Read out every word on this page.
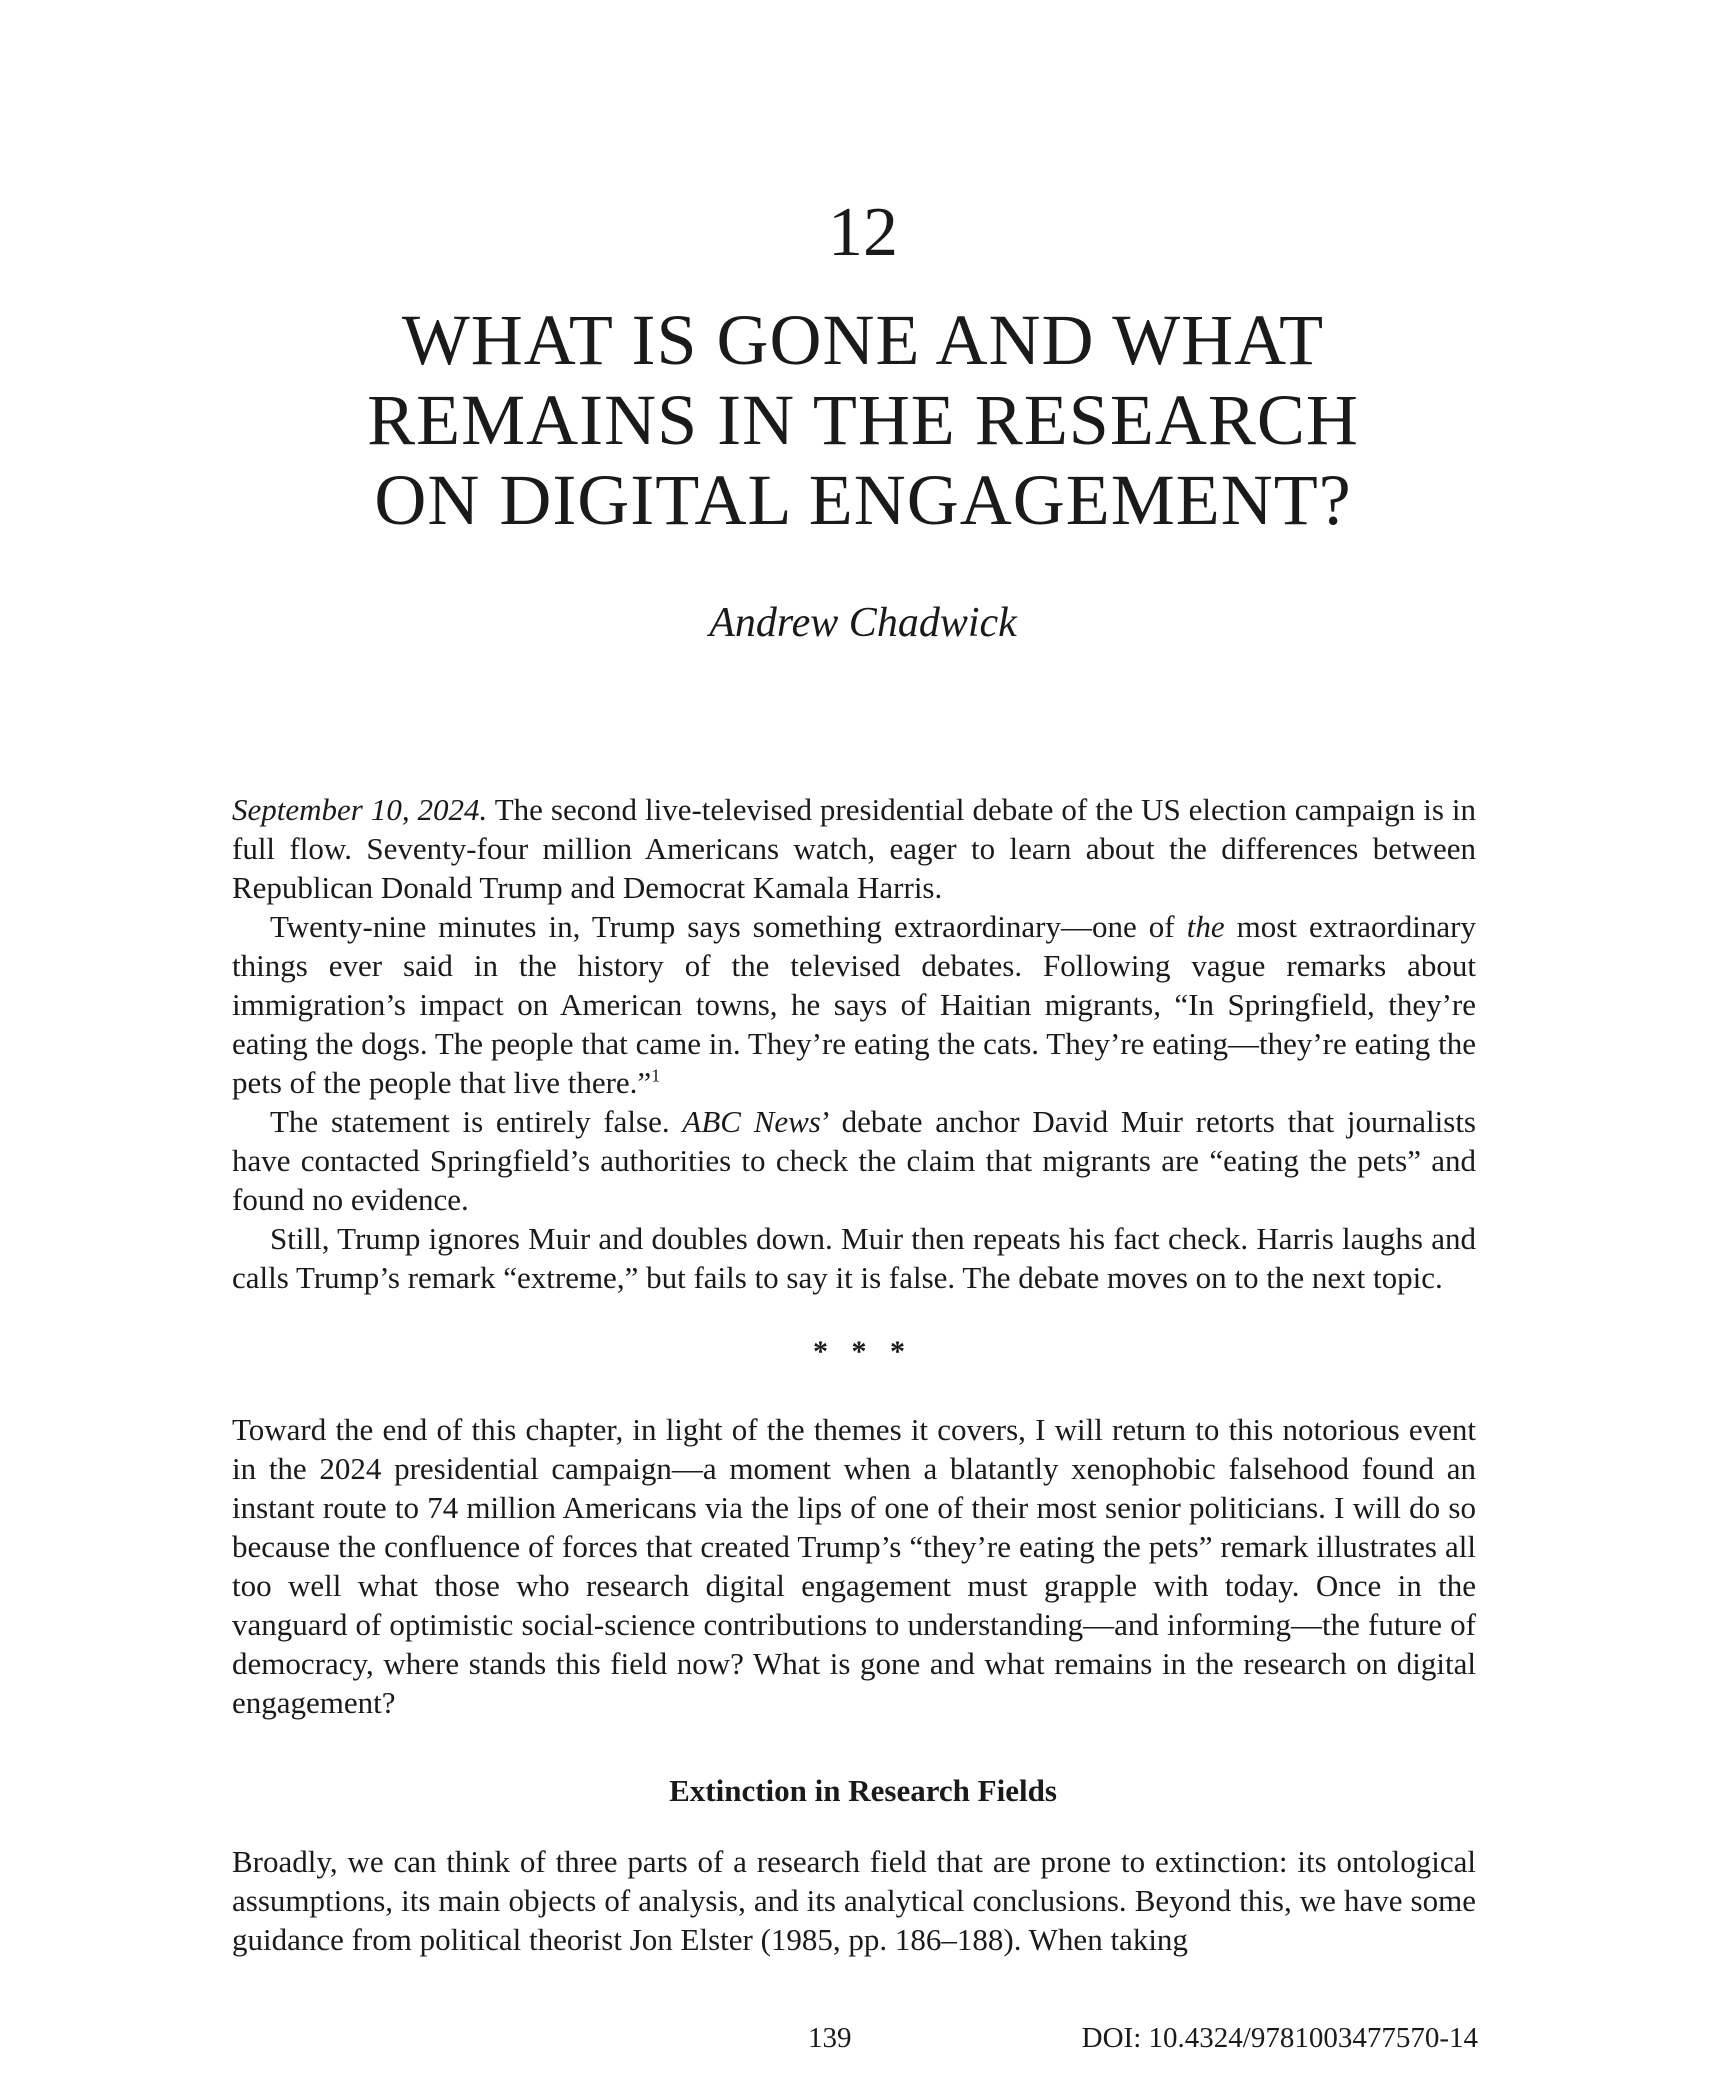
12
WHAT IS GONE AND WHAT
REMAINS IN THE RESEARCH
ON DIGITAL ENGAGEMENT?
Andrew Chadwick

September 10, 2024. The second live-televised presidential debate of the US election campaign is in full flow. Seventy-four million Americans watch, eager to learn about the differences between Republican Donald Trump and Democrat Kamala Harris.

Twenty-nine minutes in, Trump says something extraordinary—one of the most extraordinary things ever said in the history of the televised debates. Following vague remarks about immigration’s impact on American towns, he says of Haitian migrants, “In Springfield, they’re eating the dogs. The people that came in. They’re eating the cats. They’re eating—they’re eating the pets of the people that live there.”$^1$

The statement is entirely false. ABC News’ debate anchor David Muir retorts that journalists have contacted Springfield’s authorities to check the claim that migrants are “eating the pets” and found no evidence.

Still, Trump ignores Muir and doubles down. Muir then repeats his fact check. Harris laughs and calls Trump’s remark “extreme,” but fails to say it is false. The debate moves on to the next topic.

* * *

Toward the end of this chapter, in light of the themes it covers, I will return to this notorious event in the 2024 presidential campaign—a moment when a blatantly xenophobic falsehood found an instant route to 74 million Americans via the lips of one of their most senior politicians. I will do so because the confluence of forces that created Trump’s “they’re eating the pets” remark illustrates all too well what those who research digital engagement must grapple with today. Once in the vanguard of optimistic social-science contributions to understanding—and informing—the future of democracy, where stands this field now? What is gone and what remains in the research on digital engagement?

Extinction in Research Fields

Broadly, we can think of three parts of a research field that are prone to extinction: its ontological assumptions, its main objects of analysis, and its analytical conclusions. Beyond this, we have some guidance from political theorist Jon Elster (1985, pp. 186–188). When taking

139	DOI: 10.4324/9781003477570-14
